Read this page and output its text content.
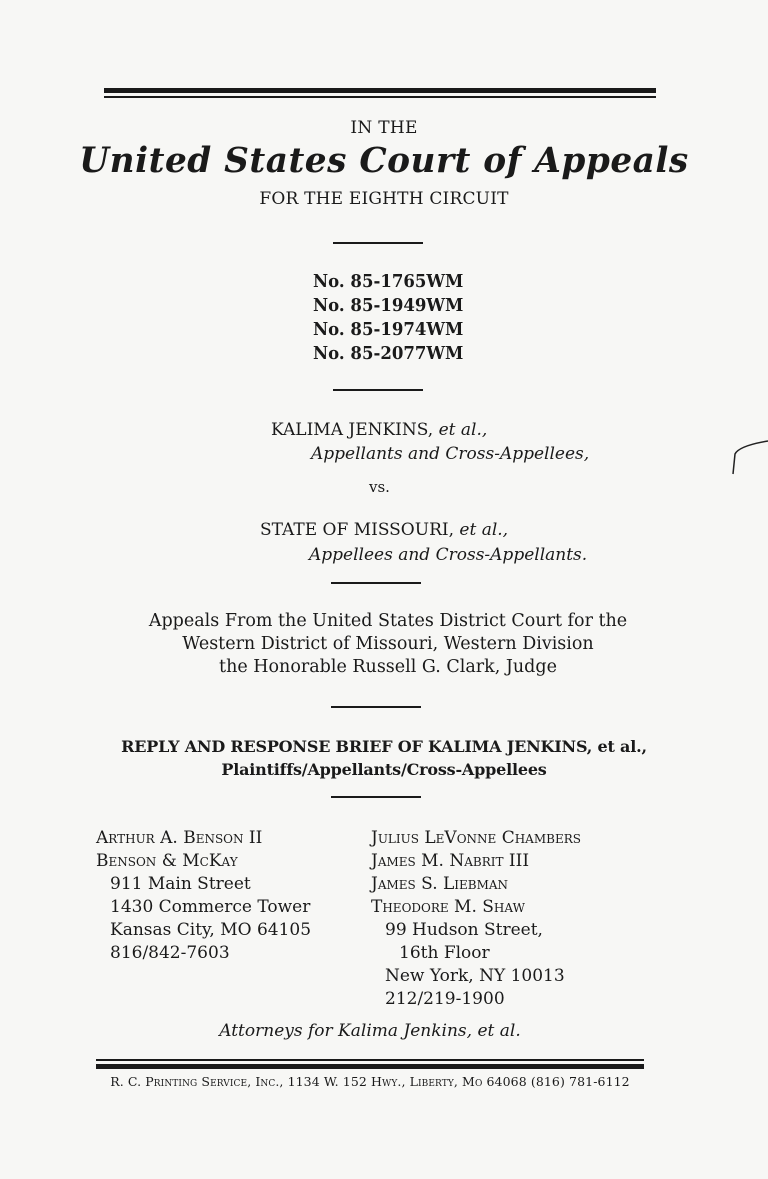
IN THE
United States Court of Appeals
FOR THE EIGHTH CIRCUIT
No. 85-1765WM
No. 85-1949WM
No. 85-1974WM
No. 85-2077WM
KALIMA JENKINS, et al.,
Appellants and Cross-Appellees,
vs.
STATE OF MISSOURI, et al.,
Appellees and Cross-Appellants.
Appeals From the United States District Court for the
Western District of Missouri, Western Division
the Honorable Russell G. Clark, Judge
REPLY AND RESPONSE BRIEF OF KALIMA JENKINS, et al.,
Plaintiffs/Appellants/Cross-Appellees
Arthur A. Benson II
Benson & McKay
911 Main Street
1430 Commerce Tower
Kansas City, MO 64105
816/842-7603
Julius LeVonne Chambers
James M. Nabrit III
James S. Liebman
Theodore M. Shaw
99 Hudson Street,
16th Floor
New York, NY 10013
212/219-1900
Attorneys for Kalima Jenkins, et al.
R. C. Printing Service, Inc., 1134 W. 152 Hwy., Liberty, Mo 64068 (816) 781-6112
